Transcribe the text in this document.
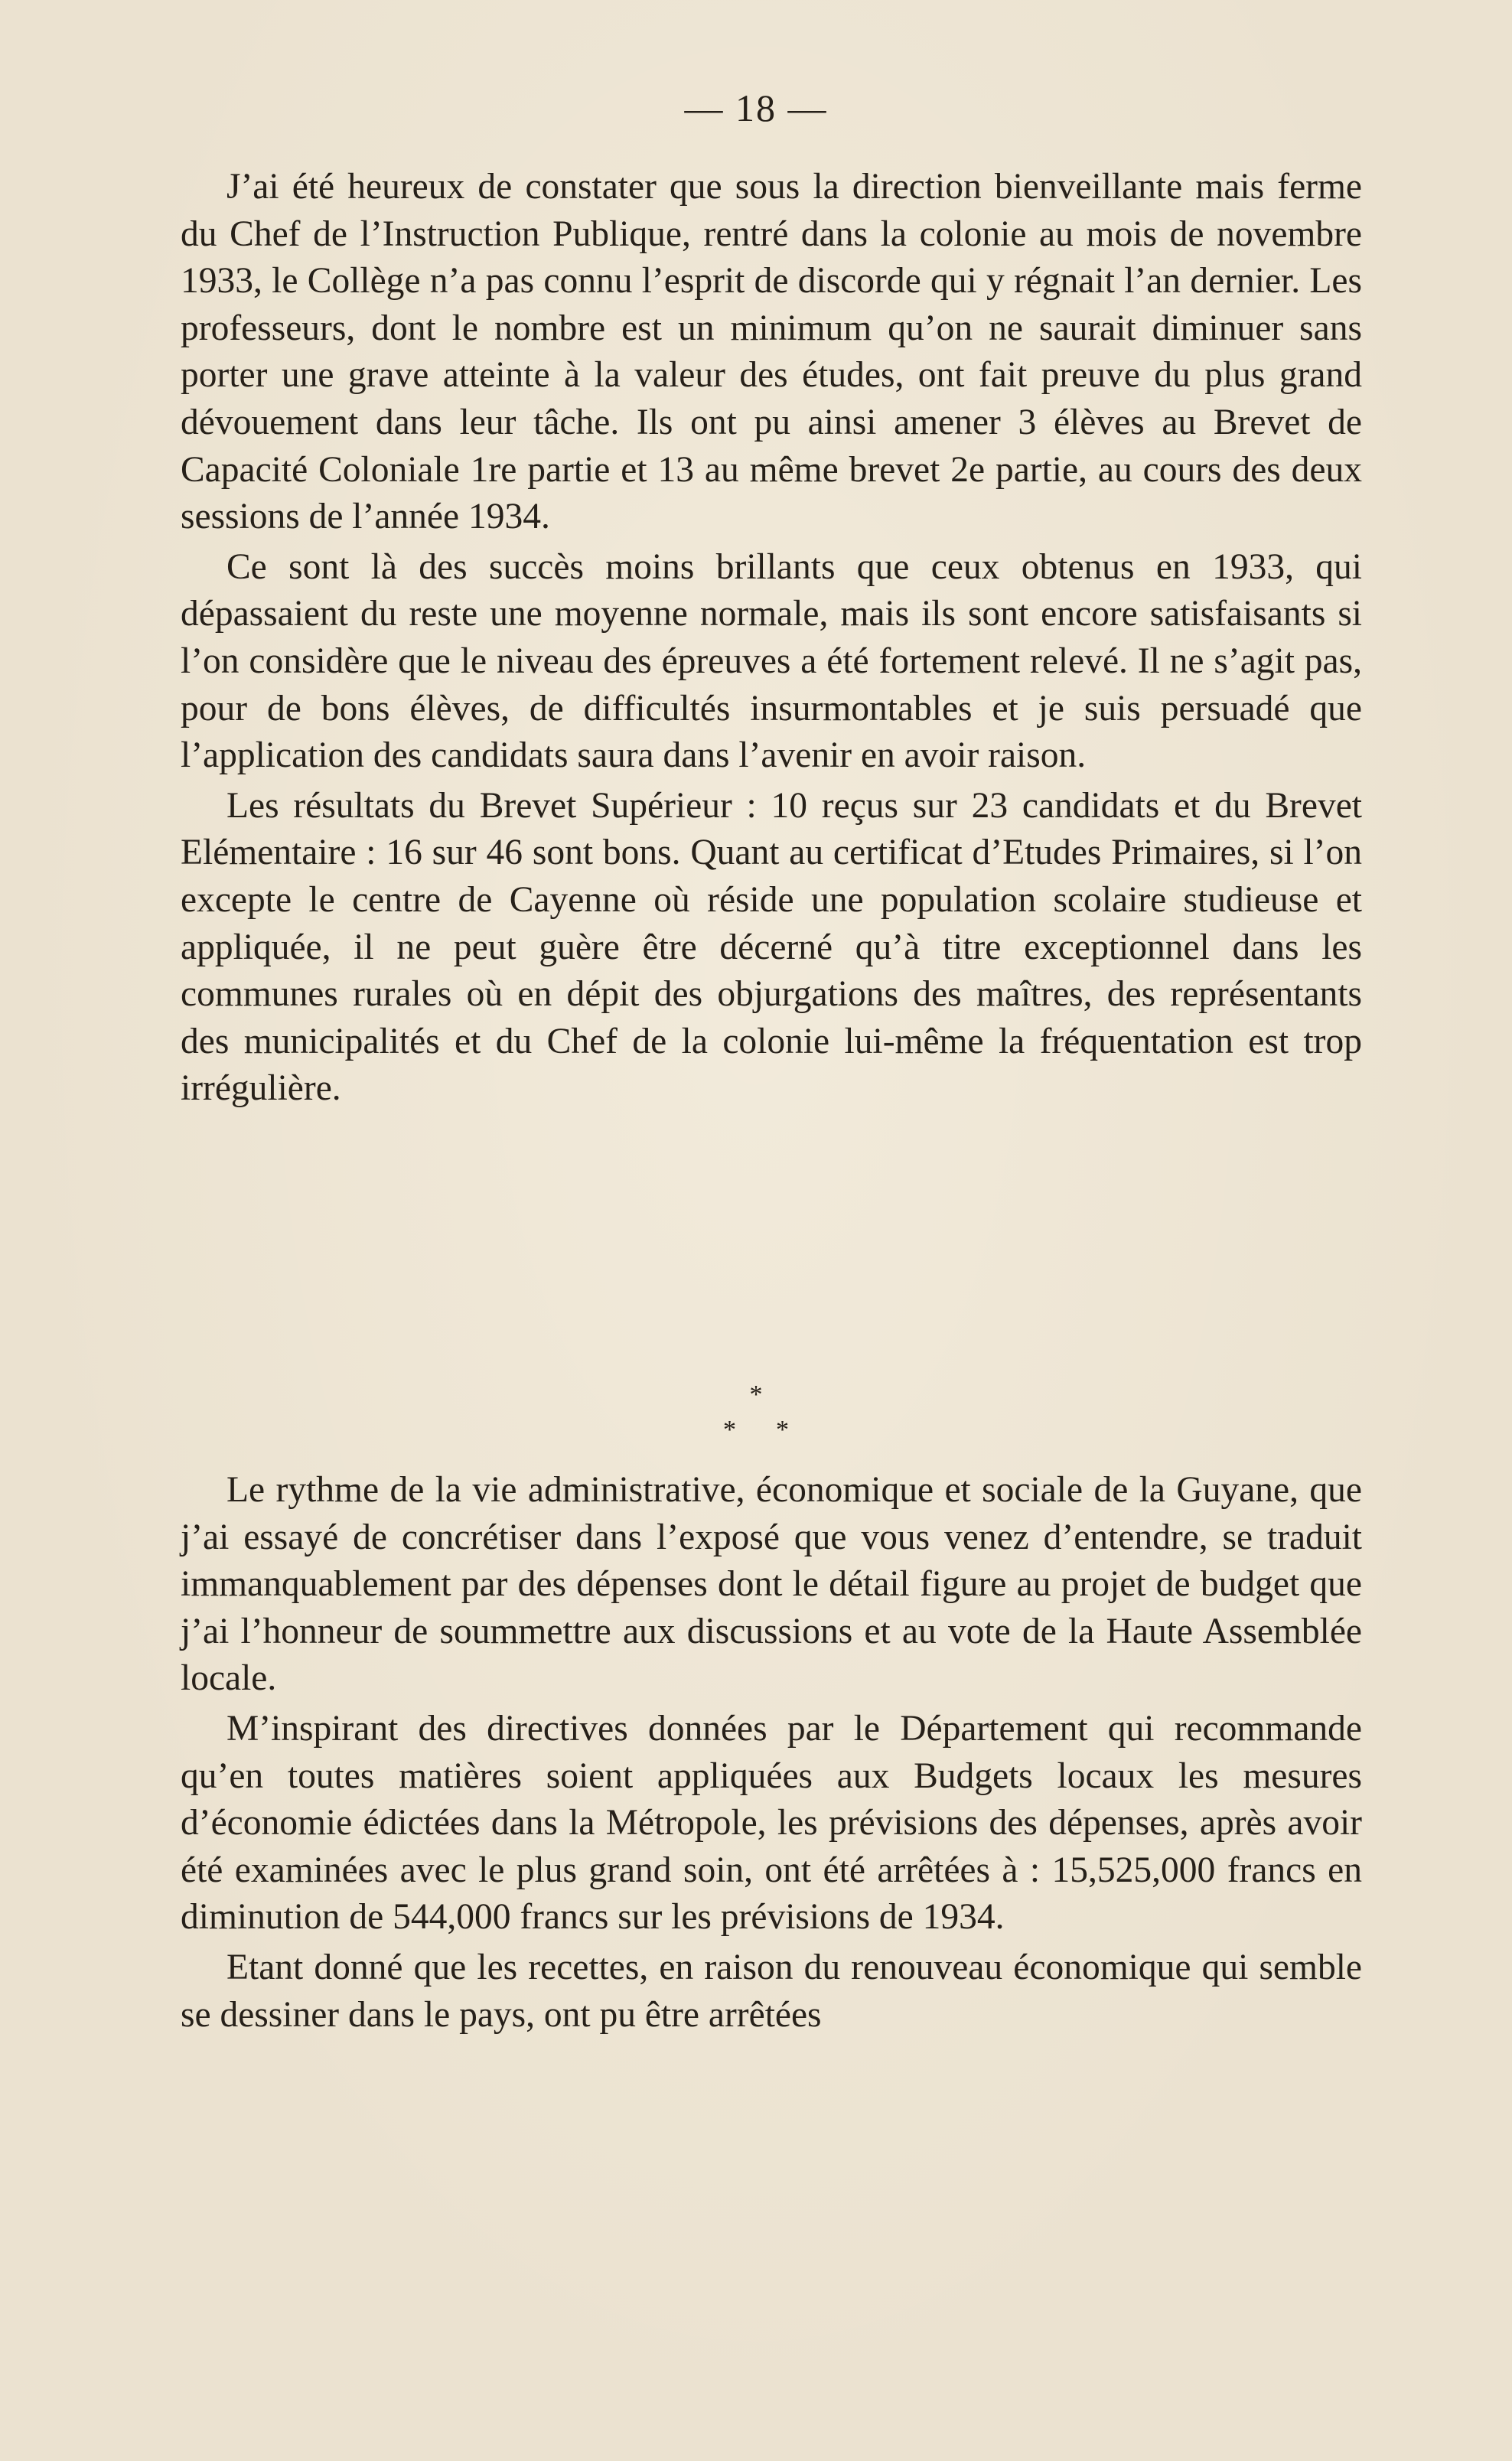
— 18 —

J’ai été heureux de constater que sous la direction bienveillante mais ferme du Chef de l’Instruction Publique, rentré dans la colonie au mois de novembre 1933, le Collège n’a pas connu l’esprit de discorde qui y régnait l’an dernier. Les professeurs, dont le nombre est un minimum qu’on ne saurait diminuer sans porter une grave atteinte à la valeur des études, ont fait preuve du plus grand dévouement dans leur tâche. Ils ont pu ainsi amener 3 élèves au Brevet de Capacité Coloniale 1re partie et 13 au même brevet 2e partie, au cours des deux sessions de l’année 1934.

Ce sont là des succès moins brillants que ceux obtenus en 1933, qui dépassaient du reste une moyenne normale, mais ils sont encore satisfaisants si l’on considère que le niveau des épreuves a été fortement relevé. Il ne s’agit pas, pour de bons élèves, de difficultés insurmontables et je suis persuadé que l’application des candidats saura dans l’avenir en avoir raison.

Les résultats du Brevet Supérieur : 10 reçus sur 23 candidats et du Brevet Elémentaire : 16 sur 46 sont bons. Quant au certificat d’Etudes Primaires, si l’on excepte le centre de Cayenne où réside une population scolaire studieuse et appliquée, il ne peut guère être décerné qu’à titre exceptionnel dans les communes rurales où en dépit des objurgations des maîtres, des représentants des municipalités et du Chef de la colonie lui-même la fréquentation est trop irrégulière.

*
* *

Le rythme de la vie administrative, économique et sociale de la Guyane, que j’ai essayé de concrétiser dans l’exposé que vous venez d’entendre, se traduit immanquablement par des dépenses dont le détail figure au projet de budget que j’ai l’honneur de soummettre aux discussions et au vote de la Haute Assemblée locale.

M’inspirant des directives données par le Département qui recommande qu’en toutes matières soient appliquées aux Budgets locaux les mesures d’économie édictées dans la Métropole, les prévisions des dépenses, après avoir été examinées avec le plus grand soin, ont été arrêtées à : 15,525,000 francs en diminution de 544,000 francs sur les prévisions de 1934.

Etant donné que les recettes, en raison du renouveau économique qui semble se dessiner dans le pays, ont pu être arrêtées
